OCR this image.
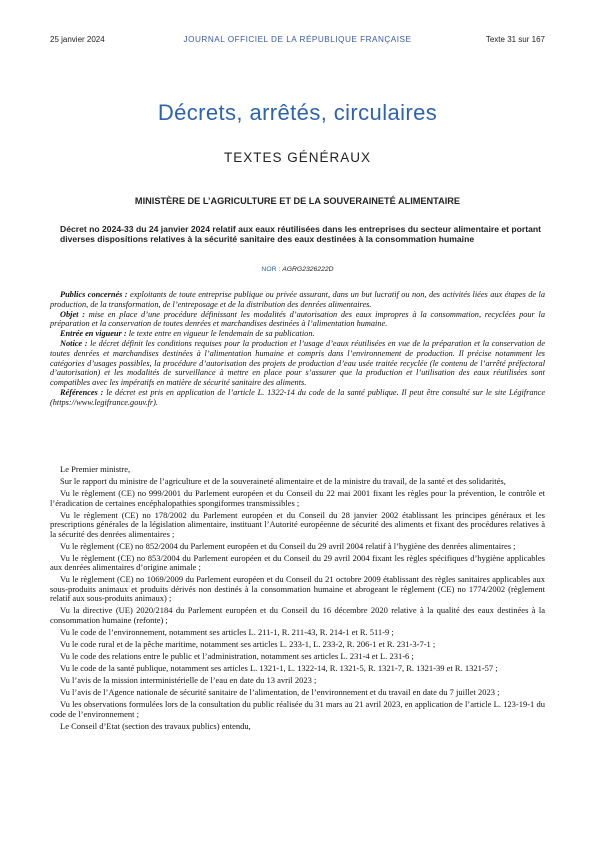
JOURNAL OFFICIEL DE LA RÉPUBLIQUE FRANÇAISE
25 janvier 2024	Texte 31 sur 167
Décrets, arrêtés, circulaires
TEXTES GÉNÉRAUX
MINISTÈRE DE L’AGRICULTURE ET DE LA SOUVERAINETÉ ALIMENTAIRE
Décret no 2024-33 du 24 janvier 2024 relatif aux eaux réutilisées dans les entreprises du secteur alimentaire et portant diverses dispositions relatives à la sécurité sanitaire des eaux destinées à la consommation humaine
NOR : AGRG2326222D

Publics concernés : exploitants de toute entreprise publique ou privée assurant, dans un but lucratif ou non, des activités liées aux étapes de la production, de la transformation, de l’entreposage et de la distribution des denrées alimentaires.

Objet : mise en place d’une procédure définissant les modalités d’autorisation des eaux impropres à la consommation, recyclées pour la préparation et la conservation de toutes denrées et marchandises destinées à l’alimentation humaine.

Entrée en vigueur : le texte entre en vigueur le lendemain de sa publication.

Notice : le décret définit les conditions requises pour la production et l’usage d’eaux réutilisées en vue de la préparation et la conservation de toutes denrées et marchandises destinées à l’alimentation humaine et compris dans l’environnement de production. Il précise notamment les catégories d’usages possibles, la procédure d’autorisation des projets de production d’eau usée traitée recyclée (le contenu de l’arrêté préfectoral d’autorisation) et les modalités de surveillance à mettre en place pour s’assurer que la production et l’utilisation des eaux réutilisées sont compatibles avec les impératifs en matière de sécurité sanitaire des aliments.

Références : le décret est pris en application de l’article L. 1322-14 du code de la santé publique. Il peut être consulté sur le site Légifrance (https://www.legifrance.gouv.fr).

Le Premier ministre,

Sur le rapport du ministre de l’agriculture et de la souveraineté alimentaire et de la ministre du travail, de la santé et des solidarités,

Vu le règlement (CE) no 999/2001 du Parlement européen et du Conseil du 22 mai 2001 fixant les règles pour la prévention, le contrôle et l’éradication de certaines encéphalopathies spongiformes transmissibles ;

Vu le règlement (CE) no 178/2002 du Parlement européen et du Conseil du 28 janvier 2002 établissant les principes généraux et les prescriptions générales de la législation alimentaire, instituant l’Autorité européenne de sécurité des aliments et fixant des procédures relatives à la sécurité des denrées alimentaires ;

Vu le règlement (CE) no 852/2004 du Parlement européen et du Conseil du 29 avril 2004 relatif à l’hygiène des denrées alimentaires ;

Vu le règlement (CE) no 853/2004 du Parlement européen et du Conseil du 29 avril 2004 fixant les règles spécifiques d’hygiène applicables aux denrées alimentaires d’origine animale ;

Vu le règlement (CE) no 1069/2009 du Parlement européen et du Conseil du 21 octobre 2009 établissant des règles sanitaires applicables aux sous-produits animaux et produits dérivés non destinés à la consommation humaine et abrogeant le règlement (CE) no 1774/2002 (règlement relatif aux sous-produits animaux) ;

Vu la directive (UE) 2020/2184 du Parlement européen et du Conseil du 16 décembre 2020 relative à la qualité des eaux destinées à la consommation humaine (refonte) ;

Vu le code de l’environnement, notamment ses articles L. 211-1, R. 211-43, R. 214-1 et R. 511-9 ;

Vu le code rural et de la pêche maritime, notamment ses articles L. 233-1, L. 233-2, R. 206-1 et R. 231-3-7-1 ;

Vu le code des relations entre le public et l’administration, notamment ses articles L. 231-4 et L. 231-6 ;

Vu le code de la santé publique, notamment ses articles L. 1321-1, L. 1322-14, R. 1321-5, R. 1321-7, R. 1321-39 et R. 1321-57 ;

Vu l’avis de la mission interministérielle de l’eau en date du 13 avril 2023 ;

Vu l’avis de l’Agence nationale de sécurité sanitaire de l’alimentation, de l’environnement et du travail en date du 7 juillet 2023 ;

Vu les observations formulées lors de la consultation du public réalisée du 31 mars au 21 avril 2023, en application de l’article L. 123-19-1 du code de l’environnement ;

Le Conseil d’Etat (section des travaux publics) entendu,
